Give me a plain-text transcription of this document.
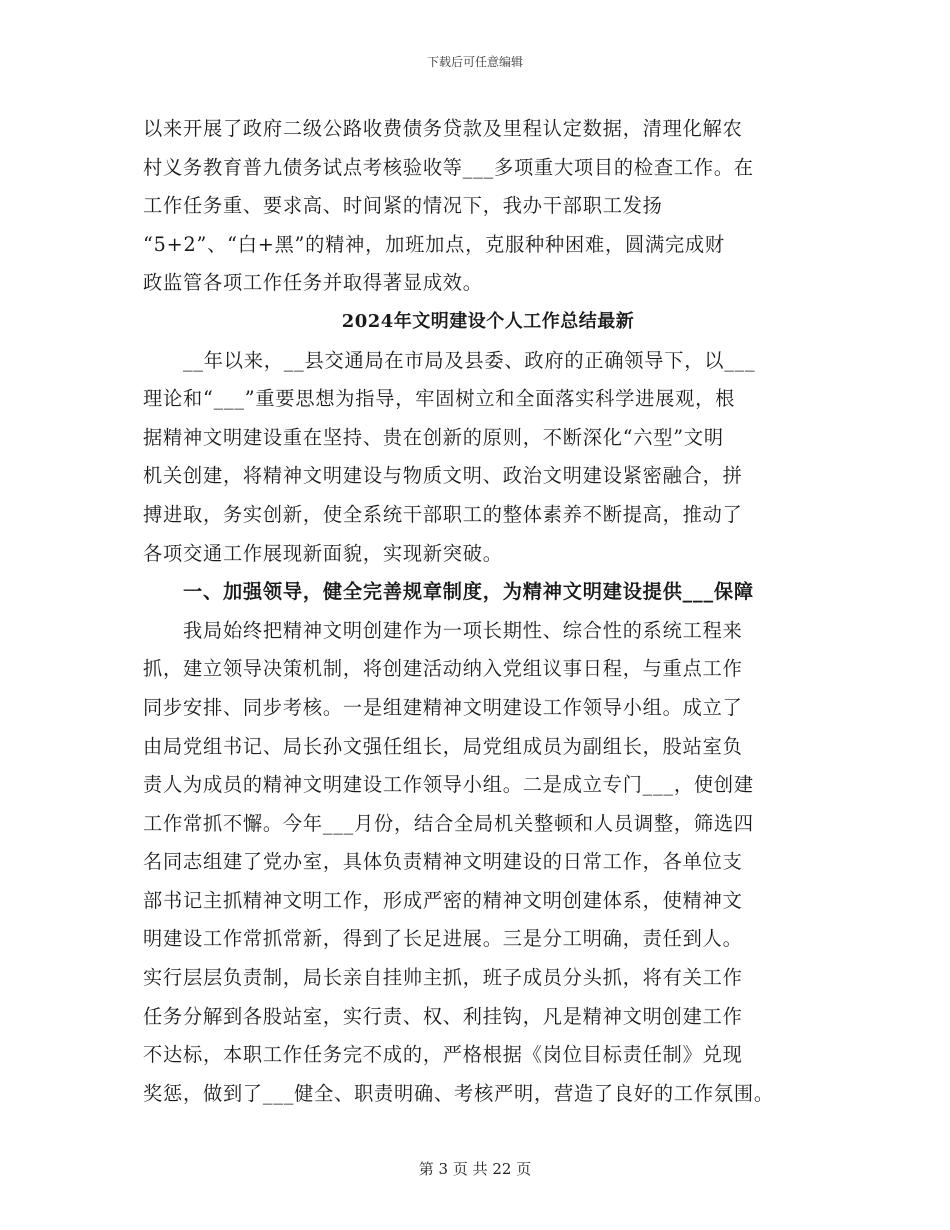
下载后可任意编辑
以来开展了政府二级公路收费债务贷款及里程认定数据，清理化解农
村义务教育普九债务试点考核验收等___多项重大项目的检查工作。在
工作任务重、要求高、时间紧的情况下，我办干部职工发扬
“5+2”、“白+黑”的精神，加班加点，克服种种困难，圆满完成财
政监管各项工作任务并取得著显成效。
2024年文明建设个人工作总结最新
　　__年以来，__县交通局在市局及县委、政府的正确领导下，以___
理论和“___”重要思想为指导，牢固树立和全面落实科学进展观，根
据精神文明建设重在坚持、贵在创新的原则，不断深化“六型”文明
机关创建，将精神文明建设与物质文明、政治文明建设紧密融合，拼
搏进取，务实创新，使全系统干部职工的整体素养不断提高，推动了
各项交通工作展现新面貌，实现新突破。
　　一、加强领导，健全完善规章制度，为精神文明建设提供___保障
　　我局始终把精神文明创建作为一项长期性、综合性的系统工程来
抓，建立领导决策机制，将创建活动纳入党组议事日程，与重点工作
同步安排、同步考核。一是组建精神文明建设工作领导小组。成立了
由局党组书记、局长孙文强任组长，局党组成员为副组长，股站室负
责人为成员的精神文明建设工作领导小组。二是成立专门___，使创建
工作常抓不懈。今年___月份，结合全局机关整顿和人员调整，筛选四
名同志组建了党办室，具体负责精神文明建设的日常工作，各单位支
部书记主抓精神文明工作，形成严密的精神文明创建体系，使精神文
明建设工作常抓常新，得到了长足进展。三是分工明确，责任到人。
实行层层负责制，局长亲自挂帅主抓，班子成员分头抓，将有关工作
任务分解到各股站室，实行责、权、利挂钩，凡是精神文明创建工作
不达标，本职工作任务完不成的，严格根据《岗位目标责任制》兑现
奖惩，做到了___健全、职责明确、考核严明，营造了良好的工作氛围。
第 3 页 共 22 页
